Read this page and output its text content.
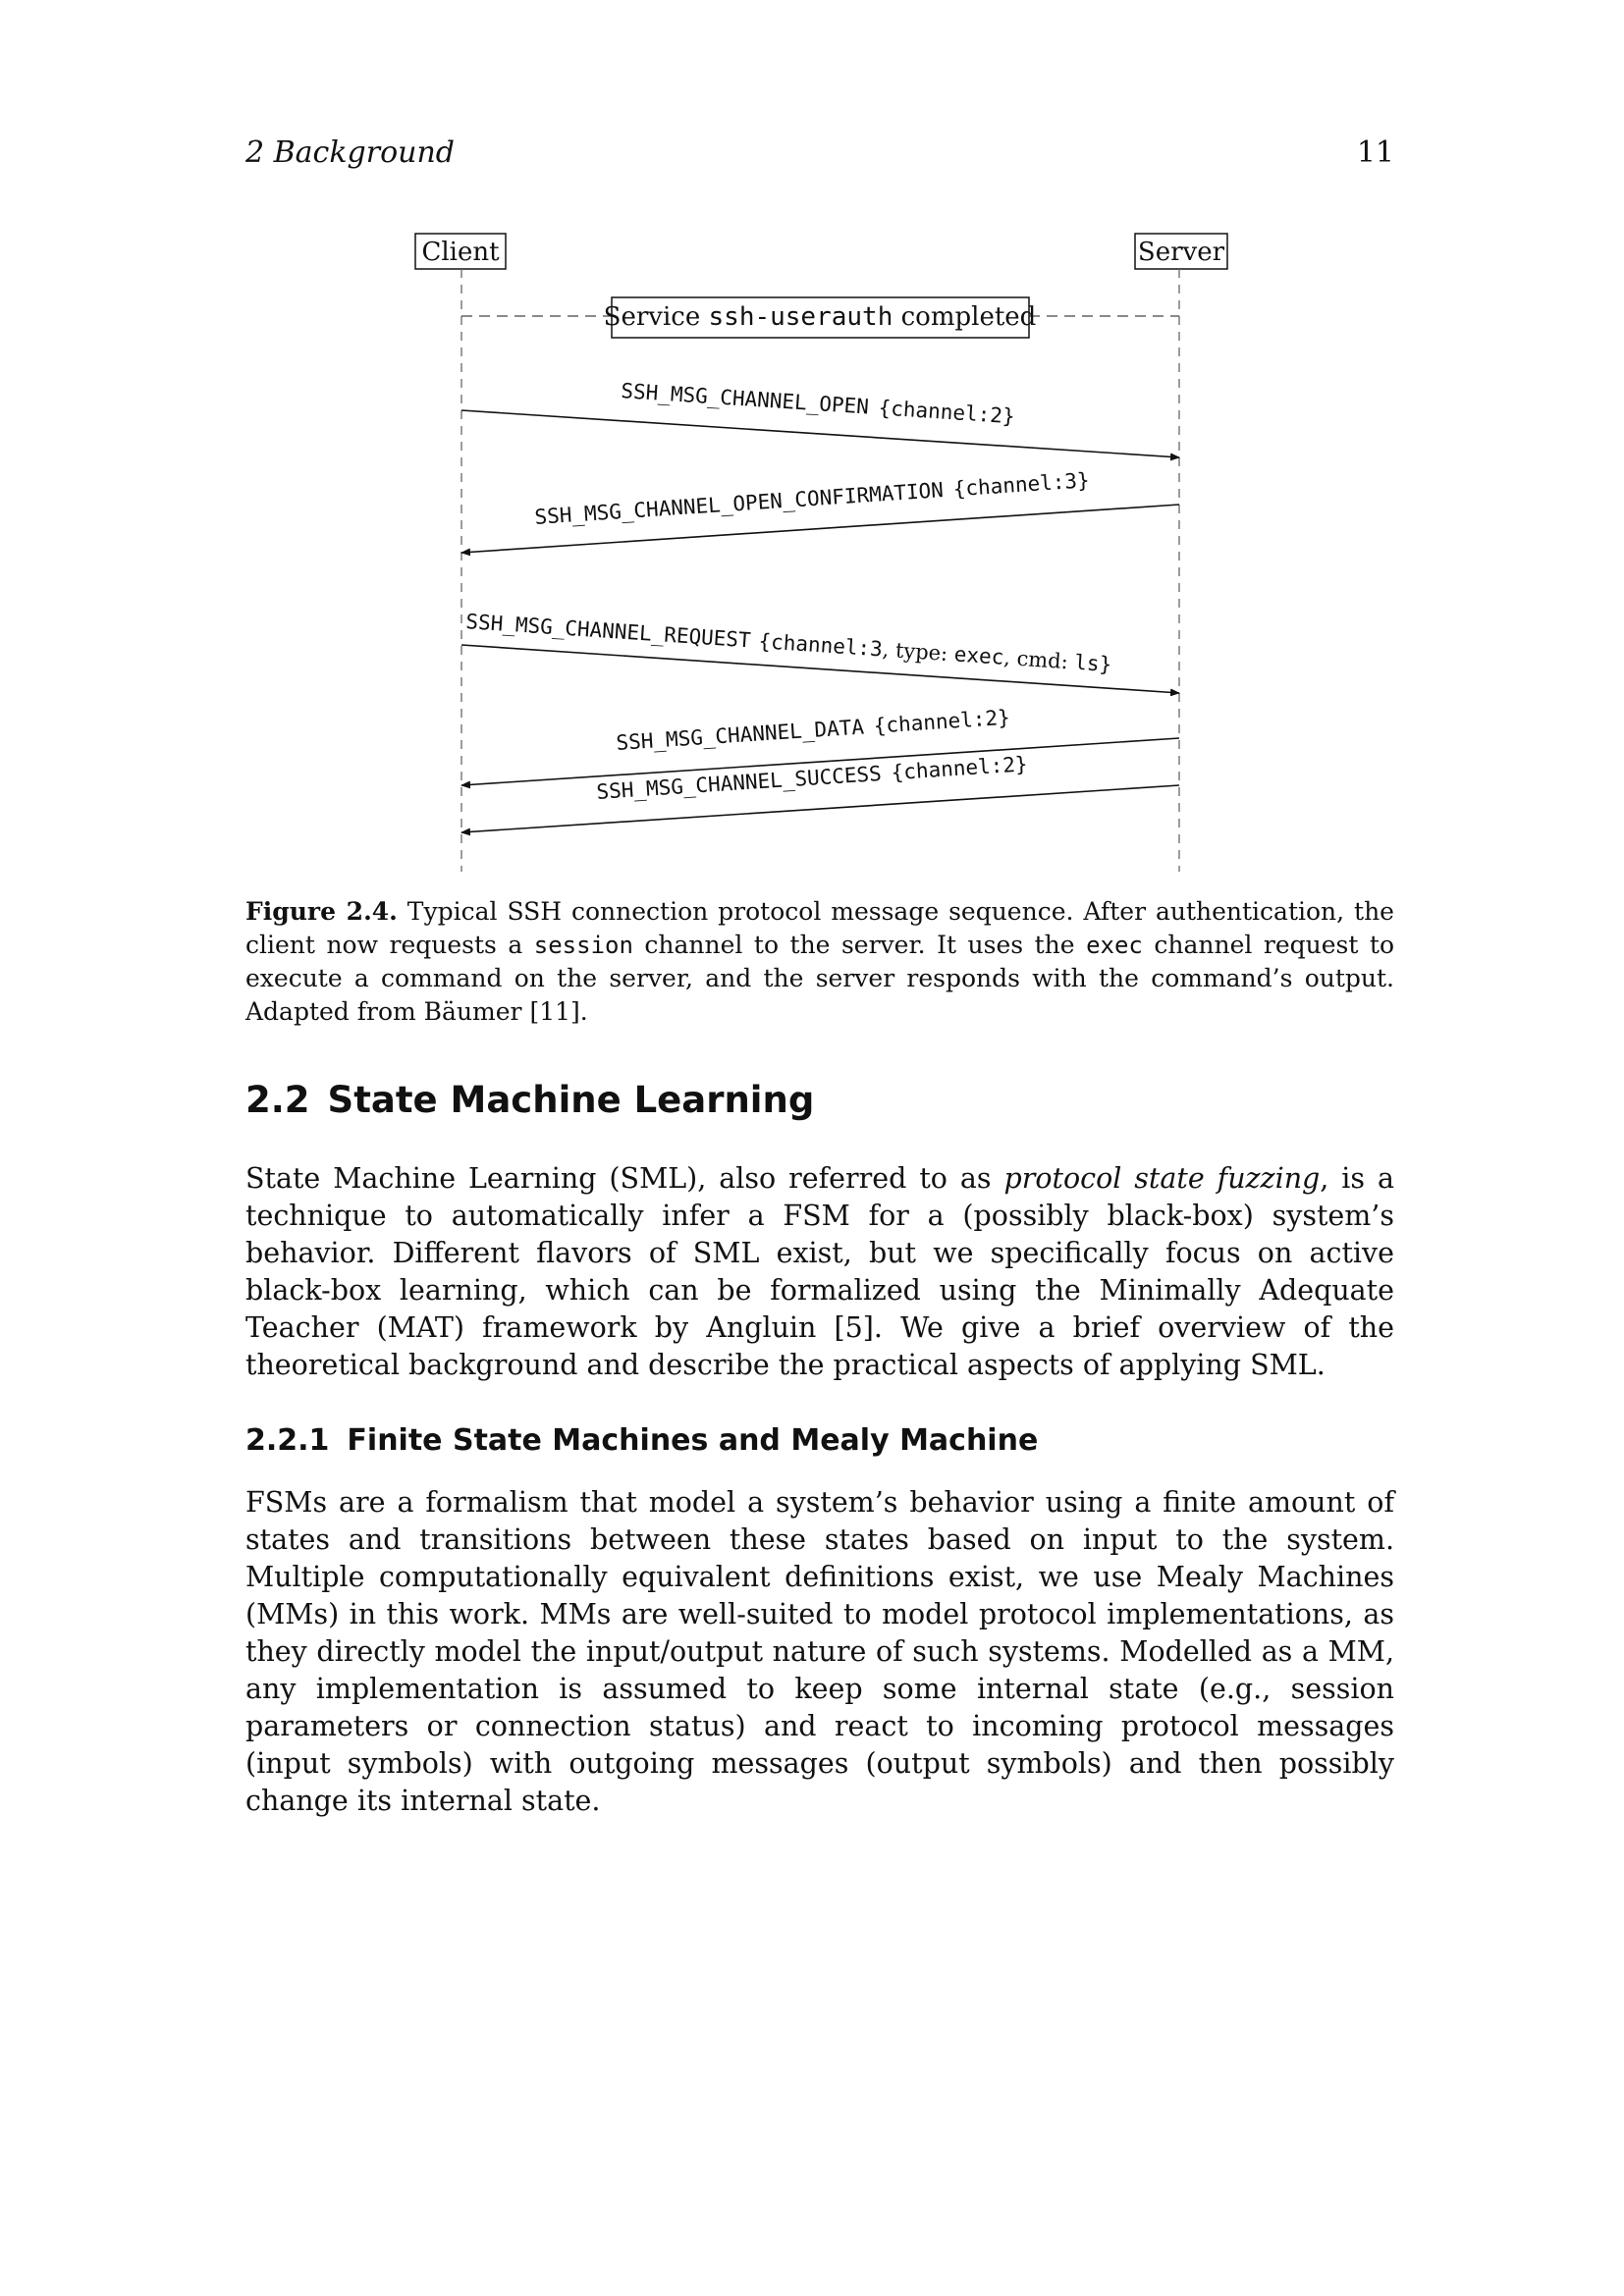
2 Background	11
Client	Server
Service ssh-userauth completed
SSH_MSG_CHANNEL_OPEN {channel:2}
SSH_MSG_CHANNEL_OPEN_CONFIRMATION {channel:3}
SSH_MSG_CHANNEL_REQUEST {channel:3, type: exec, cmd: ls}
SSH_MSG_CHANNEL_DATA {channel:2}
SSH_MSG_CHANNEL_SUCCESS {channel:2}

Figure 2.4. Typical SSH connection protocol message sequence. After authentication, the client now requests a session channel to the server. It uses the exec channel request to execute a command on the server, and the server responds with the command’s output. Adapted from Bäumer [11].

2.2 State Machine Learning

State Machine Learning (SML), also referred to as protocol state fuzzing, is a technique to automatically infer a FSM for a (possibly black-box) system’s behavior. Different flavors of SML exist, but we specifically focus on active black-box learning, which can be formalized using the Minimally Adequate Teacher (MAT) framework by Angluin [5]. We give a brief overview of the theoretical background and describe the practical aspects of applying SML.

2.2.1 Finite State Machines and Mealy Machine

FSMs are a formalism that model a system’s behavior using a finite amount of states and transitions between these states based on input to the system. Multiple computationally equivalent definitions exist, we use Mealy Machines (MMs) in this work. MMs are well-suited to model protocol implementations, as they directly model the input/output nature of such systems. Modelled as a MM, any implementation is assumed to keep some internal state (e.g., session parameters or connection status) and react to incoming protocol messages (input symbols) with outgoing messages (output symbols) and then possibly change its internal state.
